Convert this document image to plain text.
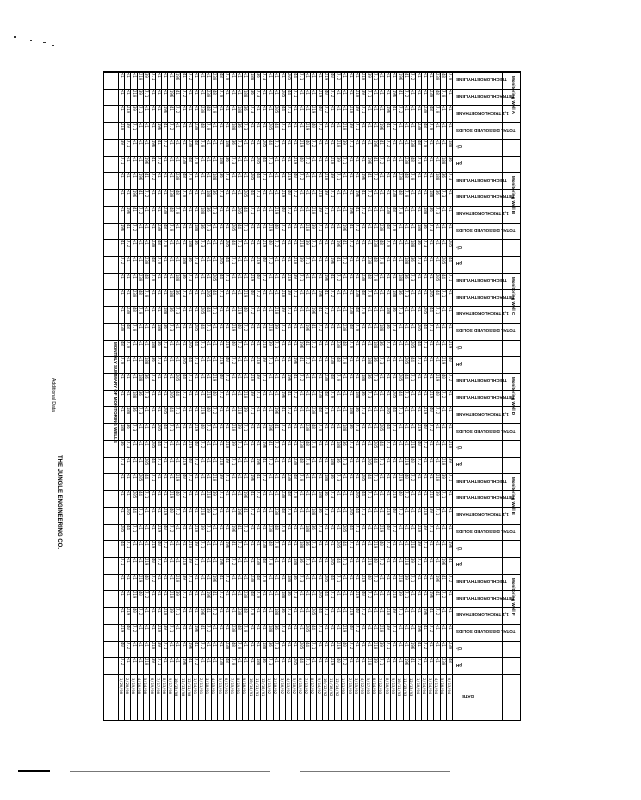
THE JUNGLE ENGINEERING CO.
Additional Data	MONTHLY SUMMARY OF MONITORING WELLS
TRICHLOROETHYLENE
TETRACHLOROETHYLENE
1,1 TRICHLOROETHANE
TOTAL DISSOLVED SOLIDS
Cl-
pH
Monitoring Well A
TRICHLOROETHYLENE
TETRACHLOROETHYLENE
1,1 TRICHLOROETHANE
TOTAL DISSOLVED SOLIDS
Cl-
pH
Monitoring Well B
TRICHLOROETHYLENE
TETRACHLOROETHYLENE
1,1 TRICHLOROETHANE
TOTAL DISSOLVED SOLIDS
Cl-
pH
Monitoring Well C
TRICHLOROETHYLENE
TETRACHLOROETHYLENE
1,1 TRICHLOROETHANE
TOTAL DISSOLVED SOLIDS
Cl-
pH
Monitoring Well D
TRICHLOROETHYLENE
TETRACHLOROETHYLENE
1,1 TRICHLOROETHANE
TOTAL DISSOLVED SOLIDS
Cl-
pH
Monitoring Well E
TRICHLOROETHYLENE
TETRACHLOROETHYLENE
1,1 TRICHLOROETHANE
TOTAL DISSOLVED SOLIDS
Cl-
pH
Monitoring Well F
DATE
1/26/90
<1
<1
<1
210
39
7.1
<1
<1
<1
196
41
7.2
<1
<1
<1
230
48
7.0
<1
<1
<1
188
36
7.3
<1
<1
<1
205
44
7.1
<1
<1
<1
219
40
7.2
2/20/90
<1
<1
210
39
7.1
<1
<1
<1
196
41
7.2
<1
<1
<1
230
48
7.0
<1
<1
<1
188
36
7.3
<1
<1
<1
205
44
7.1
<1
<1
<1
219
40
7.2
<1
3/19/90
<1
210
39
7.1
<1
<1
<1
196
41
7.2
<1
<1
<1
230
48
7.0
<1
<1
<1
188
36
7.3
<1
<1
<1
205
44
7.1
<1
<1
<1
219
40
7.2
<1
<1
4/16/90
210
39
7.1
<1
<1
<1
196
41
7.2
<1
<1
<1
230
48
7.0
<1
<1
<1
188
36
7.3
<1
<1
<1
205
44
7.1
<1
<1
<1
219
40
7.2
<1
<1
<1
5/14/90
39
7.1
<1
<1
<1
196
41
7.2
<1
<1
<1
230
48
7.0
<1
<1
<1
188
36
7.3
<1
<1
<1
205
44
7.1
<1
<1
<1
219
40
7.2
<1
<1
<1
210
6/19/90
7.1
<1
<1
<1
196
41
7.2
<1
<1
<1
230
48
7.0
<1
<1
<1
188
36
7.3
<1
<1
<1
205
44
7.1
<1
<1
<1
219
40
7.2
<1
<1
<1
210
39
7/17/90
<1
<1
<1
196
41
7.2
<1
<1
<1
230
48
7.0
<1
<1
<1
188
36
7.3
<1
<1
<1
205
44
7.1
<1
<1
<1
219
40
7.2
<1
<1
<1
210
39
7.1
8/13/90
<1
<1
196
41
7.2
<1
<1
<1
230
48
7.0
<1
<1
<1
188
36
7.3
<1
<1
<1
205
44
7.1
<1
<1
<1
219
40
7.2
<1
<1
<1
210
39
7.1
<1
9/17/90
<1
196
41
7.2
<1
<1
<1
230
48
7.0
<1
<1
<1
188
36
7.3
<1
<1
<1
205
44
7.1
<1
<1
<1
219
40
7.2
<1
<1
<1
210
39
7.1
<1
<1
10/15/90
196
41
7.2
<1
<1
<1
230
48
7.0
<1
<1
<1
188
36
7.3
<1
<1
<1
205
44
7.1
<1
<1
<1
219
40
7.2
<1
<1
<1
210
39
7.1
<1
<1
<1
11/13/90
41
7.2
<1
<1
<1
230
48
7.0
<1
<1
<1
188
36
7.3
<1
<1
<1
205
44
7.1
<1
<1
<1
219
40
7.2
<1
<1
<1
210
39
7.1
<1
<1
<1
196
12/11/90
7.2
<1
<1
<1
230
48
7.0
<1
<1
<1
188
36
7.3
<1
<1
<1
205
44
7.1
<1
<1
<1
219
40
7.2
<1
<1
<1
210
39
7.1
<1
<1
<1
196
41
1/14/91
<1
<1
<1
230
48
7.0
<1
<1
<1
188
36
7.3
<1
<1
<1
205
44
7.1
<1
<1
<1
219
40
7.2
<1
<1
<1
210
39
7.1
<1
<1
<1
196
41
7.2
2/11/91
<1
<1
230
48
7.0
<1
<1
<1
188
36
7.3
<1
<1
<1
205
44
7.1
<1
<1
<1
219
40
7.2
<1
<1
<1
210
39
7.1
<1
<1
<1
196
41
7.2
<1
3/18/91
<1
230
48
7.0
<1
<1
<1
188
36
7.3
<1
<1
<1
205
44
7.1
<1
<1
<1
219
40
7.2
<1
<1
<1
210
39
7.1
<1
<1
<1
196
41
7.2
<1
<1
4/15/91
230
48
7.0
<1
<1
<1
188
36
7.3
<1
<1
<1
205
44
7.1
<1
<1
<1
219
40
7.2
<1
<1
<1
210
39
7.1
<1
<1
<1
196
41
7.2
<1
<1
<1
5/13/91
48
7.0
<1
<1
<1
188
36
7.3
<1
<1
<1
205
44
7.1
<1
<1
<1
219
40
7.2
<1
<1
<1
210
39
7.1
<1
<1
<1
196
41
7.2
<1
<1
<1
230
6/17/91
7.0
<1
<1
<1
188
36
7.3
<1
<1
<1
205
44
7.1
<1
<1
<1
219
40
7.2
<1
<1
<1
210
39
7.1
<1
<1
<1
196
41
7.2
<1
<1
<1
230
48
7/15/91
<1
<1
<1
188
36
7.3
<1
<1
<1
205
44
7.1
<1
<1
<1
219
40
7.2
<1
<1
<1
210
39
7.1
<1
<1
<1
196
41
7.2
<1
<1
<1
230
48
7.0
8/19/91
<1
<1
188
36
7.3
<1
<1
<1
205
44
7.1
<1
<1
<1
219
40
7.2
<1
<1
<1
210
39
7.1
<1
<1
<1
196
41
7.2
<1
<1
<1
230
48
7.0
<1
9/16/91
<1
188
36
7.3
<1
<1
<1
205
44
7.1
<1
<1
<1
219
40
7.2
<1
<1
<1
210
39
7.1
<1
<1
<1
196
41
7.2
<1
<1
<1
230
48
7.0
<1
<1
10/14/91
188
36
7.3
<1
<1
<1
205
44
7.1
<1
<1
<1
219
40
7.2
<1
<1
<1
210
39
7.1
<1
<1
<1
196
41
7.2
<1
<1
<1
230
48
7.0
<1
<1
<1
11/11/91
36
7.3
<1
<1
<1
205
44
7.1
<1
<1
<1
219
40
7.2
<1
<1
<1
210
39
7.1
<1
<1
<1
196
41
7.2
<1
<1
<1
230
48
7.0
<1
<1
<1
188
12/16/91
7.3
<1
<1
<1
205
44
7.1
<1
<1
<1
219
40
7.2
<1
<1
<1
210
39
7.1
<1
<1
<1
196
41
7.2
<1
<1
<1
230
48
7.0
<1
<1
<1
188
36
1/13/92
<1
<1
<1
205
44
7.1
<1
<1
<1
219
40
7.2
<1
<1
<1
210
39
7.1
<1
<1
<1
196
41
7.2
<1
<1
<1
230
48
7.0
<1
<1
<1
188
36
7.3
2/10/92
<1
<1
205
44
7.1
<1
<1
<1
219
40
7.2
<1
<1
<1
210
39
7.1
<1
<1
<1
196
41
7.2
<1
<1
<1
230
48
7.0
<1
<1
<1
188
36
7.3
<1
3/16/92
<1
205
44
7.1
<1
<1
<1
219
40
7.2
<1
<1
<1
210
39
7.1
<1
<1
<1
196
41
7.2
<1
<1
<1
230
48
7.0
<1
<1
<1
188
36
7.3
<1
<1
4/13/92
205
44
7.1
<1
<1
<1
219
40
7.2
<1
<1
<1
210
39
7.1
<1
<1
<1
196
41
7.2
<1
<1
<1
230
48
7.0
<1
<1
<1
188
36
7.3
<1
<1
<1
5/18/92
44
7.1
<1
<1
<1
219
40
7.2
<1
<1
<1
210
39
7.1
<1
<1
<1
196
41
7.2
<1
<1
<1
230
48
7.0
<1
<1
<1
188
36
7.3
<1
<1
<1
205
6/15/92
7.1
<1
<1
<1
219
40
7.2
<1
<1
<1
210
39
7.1
<1
<1
<1
196
41
7.2
<1
<1
<1
230
48
7.0
<1
<1
<1
188
36
7.3
<1
<1
<1
205
44
7/13/92
<1
<1
<1
219
40
7.2
<1
<1
<1
210
39
7.1
<1
<1
<1
196
41
7.2
<1
<1
<1
230
48
7.0
<1
<1
<1
188
36
7.3
<1
<1
<1
205
44
7.1
8/17/92
<1
<1
219
40
7.2
<1
<1
<1
210
39
7.1
<1
<1
<1
196
41
7.2
<1
<1
<1
230
48
7.0
<1
<1
<1
188
36
7.3
<1
<1
<1
205
44
7.1
<1
9/14/92
<1
219
40
7.2
<1
<1
<1
210
39
7.1
<1
<1
<1
196
41
7.2
<1
<1
<1
230
48
7.0
<1
<1
<1
188
36
7.3
<1
<1
<1
205
44
7.1
<1
<1
10/12/92
219
40
7.2
<1
<1
<1
210
39
7.1
<1
<1
<1
196
41
7.2
<1
<1
<1
230
48
7.0
<1
<1
<1
188
36
7.3
<1
<1
<1
205
44
7.1
<1
<1
<1
11/16/92
40
7.2
<1
<1
<1
210
39
7.1
<1
<1
<1
196
41
7.2
<1
<1
<1
230
48
7.0
<1
<1
<1
188
36
7.3
<1
<1
<1
205
44
7.1
<1
<1
<1
219
12/14/92
7.2
<1
<1
<1
210
39
7.1
<1
<1
<1
196
41
7.2
<1
<1
<1
230
48
7.0
<1
<1
<1
188
36
7.3
<1
<1
<1
205
44
7.1
<1
<1
<1
219
40
1/11/93
<1
<1
<1
210
39
7.1
<1
<1
<1
196
41
7.2
<1
<1
<1
230
48
7.0
<1
<1
<1
188
36
7.3
<1
<1
<1
205
44
7.1
<1
<1
<1
219
40
7.2
2/15/93
<1
<1
210
39
7.1
<1
<1
<1
196
41
7.2
<1
<1
<1
230
48
7.0
<1
<1
<1
188
36
7.3
<1
<1
<1
205
44
7.1
<1
<1
<1
219
40
7.2
<1
3/15/93
<1
210
39
7.1
<1
<1
<1
196
41
7.2
<1
<1
<1
230
48
7.0
<1
<1
<1
188
36
7.3
<1
<1
<1
205
44
7.1
<1
<1
<1
219
40
7.2
<1
<1
4/12/93
210
39
7.1
<1
<1
<1
196
41
7.2
<1
<1
<1
230
48
7.0
<1
<1
<1
188
36
7.3
<1
<1
<1
205
44
7.1
<1
<1
<1
219
40
7.2
<1
<1
<1
5/17/93
39
7.1
<1
<1
<1
196
41
7.2
<1
<1
<1
230
48
7.0
<1
<1
<1
188
36
7.3
<1
<1
<1
205
44
7.1
<1
<1
<1
219
40
7.2
<1
<1
<1
210
6/14/93
7.1
<1
<1
<1
196
41
7.2
<1
<1
<1
230
48
7.0
<1
<1
<1
188
36
7.3
<1
<1
<1
205
44
7.1
<1
<1
<1
219
40
7.2
<1
<1
<1
210
39
7/12/93
<1
<1
<1
196
41
7.2
<1
<1
<1
230
48
7.0
<1
<1
<1
188
36
7.3
<1
<1
<1
205
44
7.1
<1
<1
<1
219
40
7.2
<1
<1
<1
210
39
7.1
8/16/93
<1
<1
196
41
7.2
<1
<1
<1
230
48
7.0
<1
<1
<1
188
36
7.3
<1
<1
<1
205
44
7.1
<1
<1
<1
219
40
7.2
<1
<1
<1
210
39
7.1
<1
9/13/93
<1
196
41
7.2
<1
<1
<1
230
48
7.0
<1
<1
<1
188
36
7.3
<1
<1
<1
205
44
7.1
<1
<1
<1
219
40
7.2
<1
<1
<1
210
39
7.1
<1
<1
10/11/93
196
41
7.2
<1
<1
<1
230
48
7.0
<1
<1
<1
188
36
7.3
<1
<1
<1
205
44
7.1
<1
<1
<1
219
40
7.2
<1
<1
<1
210
39
7.1
<1
<1
<1
11/15/93
41
7.2
<1
<1
<1
230
48
7.0
<1
<1
<1
188
36
7.3
<1
<1
<1
205
44
7.1
<1
<1
<1
219
40
7.2
<1
<1
<1
210
39
7.1
<1
<1
<1
196
12/13/93
7.2
<1
<1
<1
230
48
7.0
<1
<1
<1
188
36
7.3
<1
<1
<1
205
44
7.1
<1
<1
<1
219
40
7.2
<1
<1
<1
210
39
7.1
<1
<1
<1
196
41
1/10/94
<1
<1
<1
230
48
7.0
<1
<1
<1
188
36
7.3
<1
<1
<1
205
44
7.1
<1
<1
<1
219
40
7.2
<1
<1
<1
210
39
7.1
<1
<1
<1
196
41
7.2
2/14/94
<1
<1
230
48
7.0
<1
<1
<1
188
36
7.3
<1
<1
<1
205
44
7.1
<1
<1
<1
219
40
7.2
<1
<1
<1
210
39
7.1
<1
<1
<1
196
41
7.2
<1
3/14/94
<1
230
48
7.0
<1
<1
<1
188
36
7.3
<1
<1
<1
205
44
7.1
<1
<1
<1
219
40
7.2
<1
<1
<1
210
39
7.1
<1
<1
<1
196
41
7.2
<1
<1
4/11/94
230
48
7.0
<1
<1
<1
188
36
7.3
<1
<1
<1
205
44
7.1
<1
<1
<1
219
40
7.2
<1
<1
<1
210
39
7.1
<1
<1
<1
196
41
7.2
<1
<1
<1
5/16/94
48
7.0
<1
<1
<1
188
36
7.3
<1
<1
<1
205
44
7.1
<1
<1
<1
219
40
7.2
<1
<1
<1
210
39
7.1
<1
<1
<1
196
41
7.2
<1
<1
<1
230
6/13/94
7.0
<1
<1
<1
188
36
7.3
<1
<1
<1
205
44
7.1
<1
<1
<1
219
40
7.2
<1
<1
<1
210
39
7.1
<1
<1
<1
196
41
7.2
<1
<1
<1
230
48
